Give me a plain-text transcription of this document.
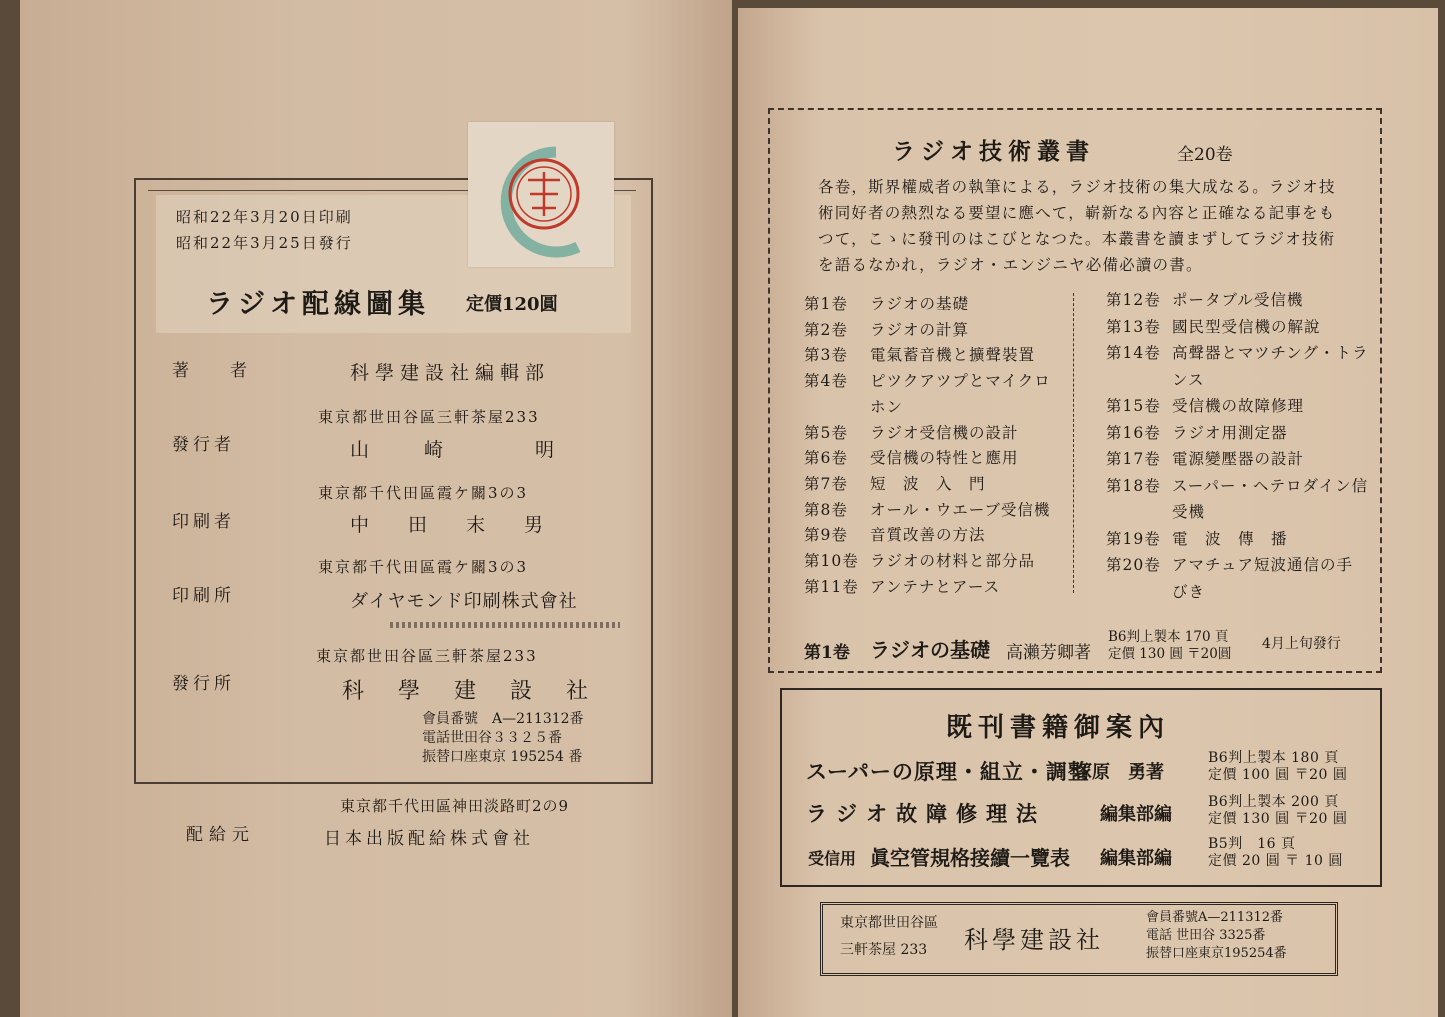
昭和22年3月20日印刷
昭和22年3月25日發行
ラジオ配線圖集 定價120圓
著　者	科學建設社編輯部
東京都世田谷區三軒茶屋233
發行者	山　崎　　明
東京都千代田區霞ケ關3の3
印刷者	中　田　末　男
東京都千代田區霞ケ關3の3
印刷所	ダイヤモンド印刷株式會社
東京都世田谷區三軒茶屋233
發行所	科　學　建　設　社
會員番號　A—211312番
電話世田谷３３２５番
振替口座東京 195254 番
東京都千代田區神田淡路町2の9
配給元	日本出版配給株式會社
ラジオ技術叢書	全20卷
各卷，斯界權威者の執筆による，ラジオ技術の集大成なる。ラジオ技
術同好者の熱烈なる要望に應へて，嶄新なる內容と正確なる記事をも
つて，こゝに發刊のはこびとなつた。本叢書を讀まずしてラジオ技術
を語るなかれ，ラジオ・エンジニヤ必備必讀の書。
第1卷 ラジオの基礎
第2卷 ラジオの計算
第3卷 電氣蓄音機と擴聲裝置
第4卷 ピツクアツプとマイクロ
ホン
第5卷 ラジオ受信機の設計
第6卷 受信機の特性と應用
第7卷 短　波　入　門
第8卷 オール・ウエーブ受信機
第9卷 音質改善の方法
第10卷 ラジオの材料と部分品
第11卷 アンテナとアース
第12卷 ポータブル受信機
第13卷 國民型受信機の解說
第14卷 高聲器とマツチング・トラ
ンス
第15卷 受信機の故障修理
第16卷 ラジオ用測定器
第17卷 電源變壓器の設計
第18卷 スーパー・ヘテロダイン信
受機
第19卷 電　波　傳　播
第20卷 アマチュア短波通信の手
びき
第1卷 ラジオの基礎 高瀨芳卿著
B6判上製本 170 頁
定價 130 圓 〒20圓
4月上旬發行
既刊書籍御案內
スーパーの原理・組立・調整
塚原　勇著
B6判上製本 180 頁
定價 100 圓 〒20 圓
ラジオ故障修理法	編集部編
B6判上製本 200 頁
定價 130 圓 〒20 圓
受信用 眞空管規格接續一覽表 編集部編
B5判　16 頁
定價 20 圓 〒 10 圓
東京都世田谷區
三軒茶屋 233 科學建設社
會員番號A—211312番
電話 世田谷 3325番
振替口座東京195254番
